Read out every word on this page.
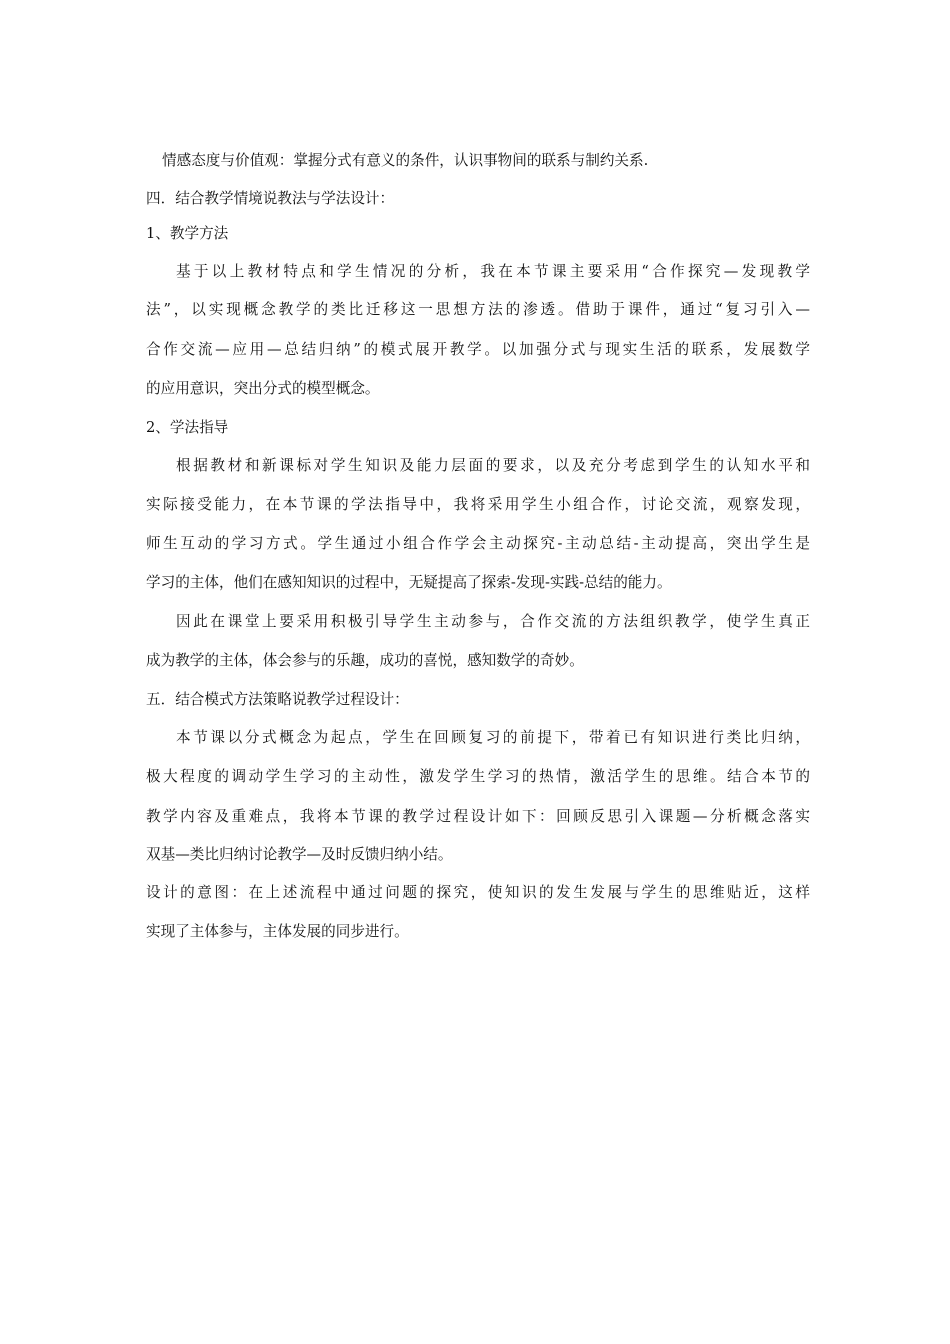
情感态度与价值观：掌握分式有意义的条件，认识事物间的联系与制约关系.
四．结合教学情境说教法与学法设计：
1、教学方法
基于以上教材特点和学生情况的分析，我在本节课主要采用“合作探究—发现教学
法”，以实现概念教学的类比迁移这一思想方法的渗透。借助于课件，通过“复习引入—
合作交流—应用—总结归纳”的模式展开教学。以加强分式与现实生活的联系，发展数学
的应用意识，突出分式的模型概念。
2、学法指导
根据教材和新课标对学生知识及能力层面的要求，以及充分考虑到学生的认知水平和
实际接受能力，在本节课的学法指导中，我将采用学生小组合作，讨论交流，观察发现，
师生互动的学习方式。学生通过小组合作学会主动探究-主动总结-主动提高，突出学生是
学习的主体，他们在感知知识的过程中，无疑提高了探索-发现-实践-总结的能力。
因此在课堂上要采用积极引导学生主动参与，合作交流的方法组织教学，使学生真正
成为教学的主体，体会参与的乐趣，成功的喜悦，感知数学的奇妙。
五．结合模式方法策略说教学过程设计：
本节课以分式概念为起点，学生在回顾复习的前提下，带着已有知识进行类比归纳，
极大程度的调动学生学习的主动性，激发学生学习的热情，激活学生的思维。结合本节的
教学内容及重难点，我将本节课的教学过程设计如下：回顾反思引入课题—分析概念落实
双基—类比归纳讨论教学—及时反馈归纳小结。
设计的意图：在上述流程中通过问题的探究，使知识的发生发展与学生的思维贴近，这样
实现了主体参与，主体发展的同步进行。
